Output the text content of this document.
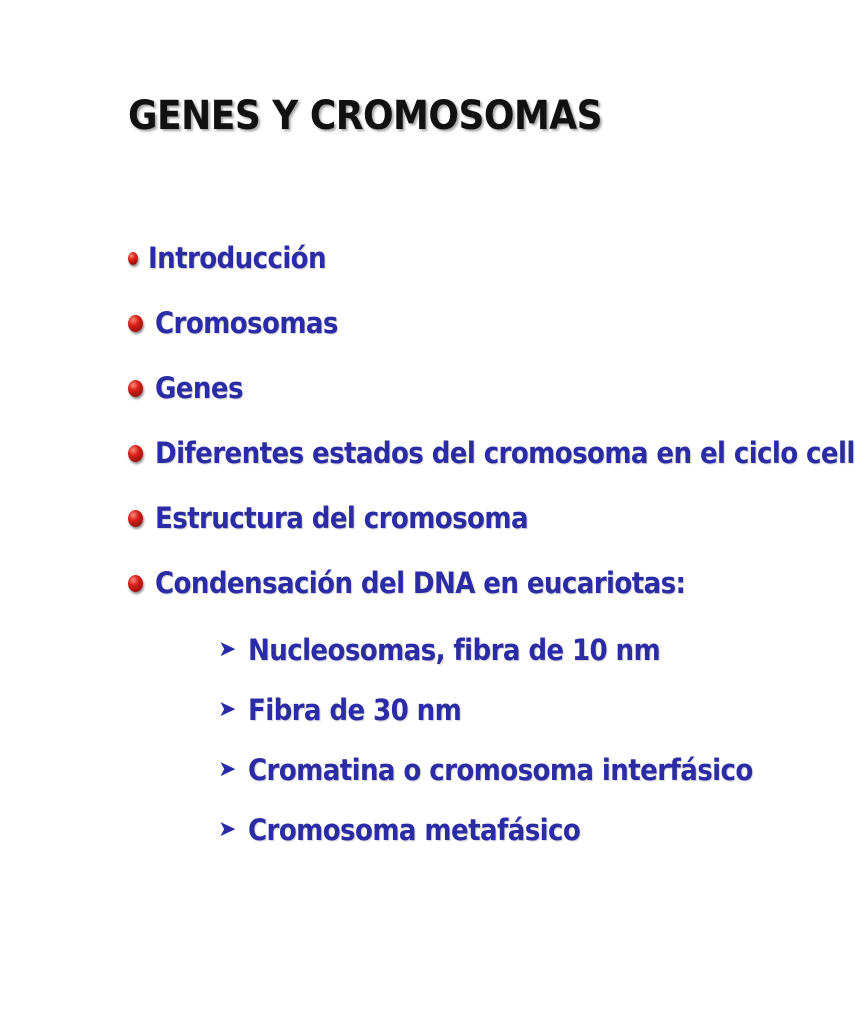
GENES Y CROMOSOMAS
Introducción
Cromosomas
Genes
Diferentes estados del cromosoma en el ciclo cell
Estructura del cromosoma
Condensación del DNA en eucariotas:
➤ Nucleosomas, fibra de 10 nm
➤ Fibra de 30 nm
➤ Cromatina o cromosoma interfásico
➤ Cromosoma metafásico
